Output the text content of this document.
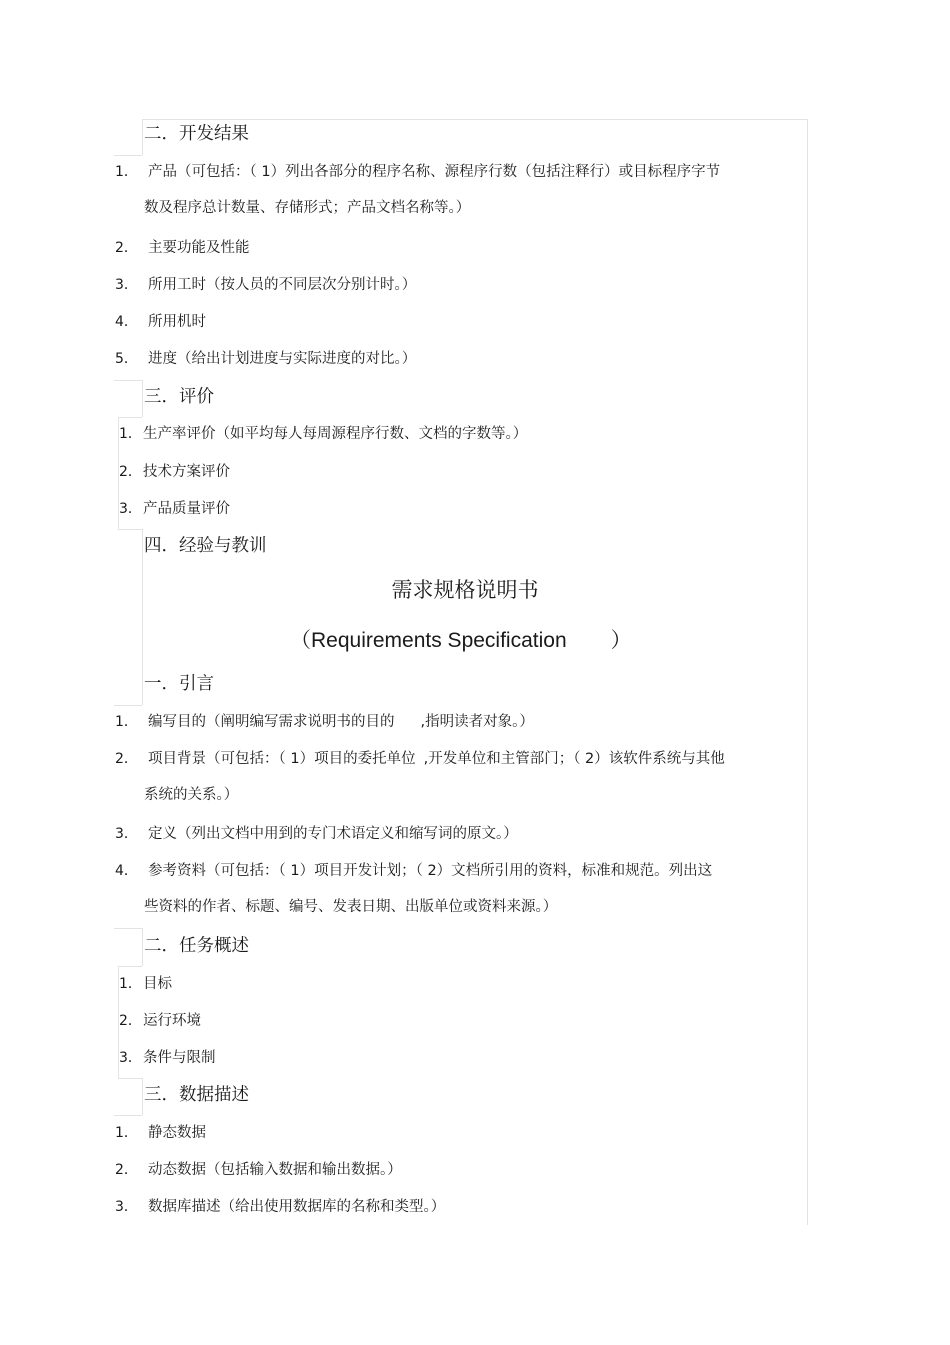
二．开发结果
1． 产品（可包括：（ 1）列出各部分的程序名称、源程序行数（包括注释行）或目标程序字节
数及程序总计数量、存储形式；产品文档名称等。）
2． 主要功能及性能
3． 所用工时（按人员的不同层次分别计时。）
4． 所用机时
5． 进度（给出计划进度与实际进度的对比。）
三．评价
1． 生产率评价（如平均每人每周源程序行数、文档的字数等。）
2． 技术方案评价
3． 产品质量评价
四．经验与教训
需求规格说明书
（Requirements Specification ）
一．引言
1． 编写目的（阐明编写需求说明书的目的 ,指明读者对象。）
2． 项目背景（可包括：（ 1）项目的委托单位 ,开发单位和主管部门；（ 2）该软件系统与其他
系统的关系。）
3． 定义（列出文档中用到的专门术语定义和缩写词的原文。）
4． 参考资料（可包括：（ 1）项目开发计划；（ 2）文档所引用的资料，标准和规范。列出这
些资料的作者、标题、编号、发表日期、出版单位或资料来源。）
二．任务概述
1． 目标
2． 运行环境
3． 条件与限制
三．数据描述
1． 静态数据
2． 动态数据（包括输入数据和输出数据。）
3． 数据库描述（给出使用数据库的名称和类型。）
